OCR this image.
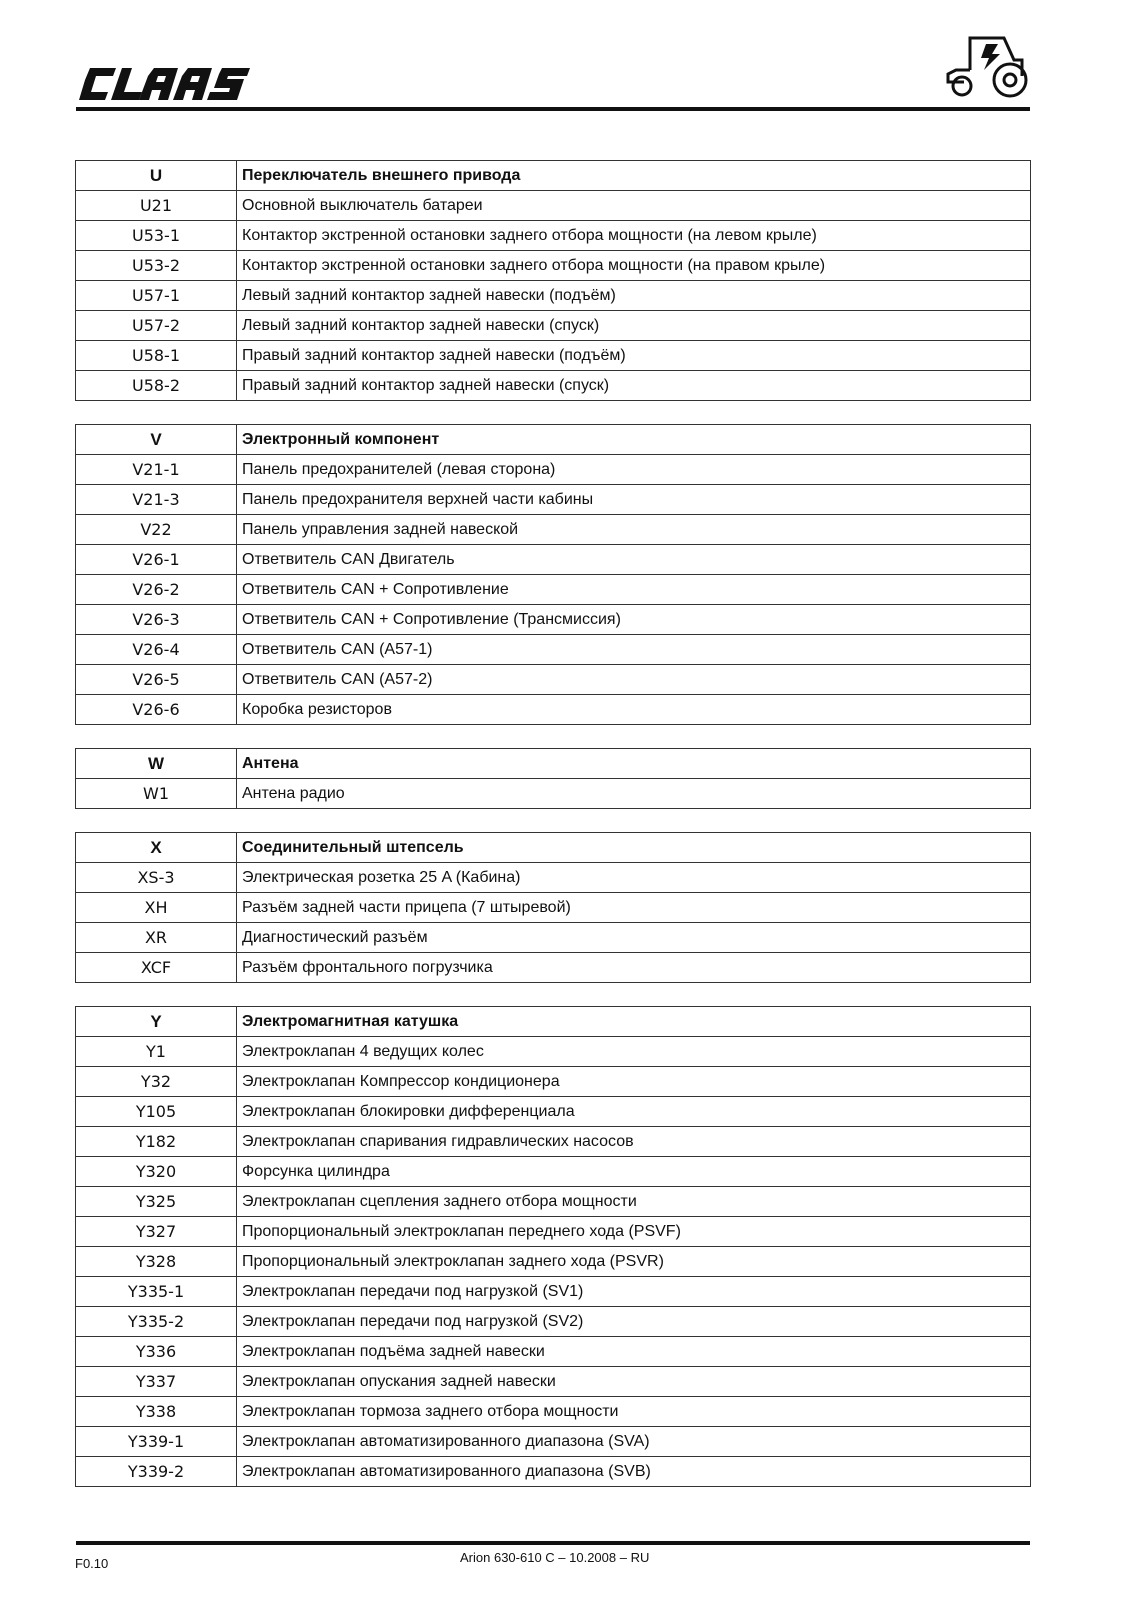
U	Переключатель внешнего привода
U21	Основной выключатель батареи
U53-1	Контактор экстренной остановки заднего отбора мощности (на левом крыле)
U53-2	Контактор экстренной остановки заднего отбора мощности (на правом крыле)
U57-1	Левый задний контактор задней навески (подъём)
U57-2	Левый задний контактор задней навески (спуск)
U58-1	Правый задний контактор задней навески (подъём)
U58-2	Правый задний контактор задней навески (спуск)
V	Электронный компонент
V21-1	Панель предохранителей (левая сторона)
V21-3	Панель предохранителя верхней части кабины
V22	Панель управления задней навеской
V26-1	Ответвитель CAN Двигатель
V26-2	Ответвитель CAN + Сопротивление
V26-3	Ответвитель CAN + Сопротивление (Трансмиссия)
V26-4	Ответвитель CAN (A57-1)
V26-5	Ответвитель CAN (A57-2)
V26-6	Коробка резисторов
W	Антена
W1	Антена радио
X	Соединительный штепсель
XS-3	Электрическая розетка 25 A (Кабина)
XH	Разъём задней части прицепа (7 штыревой)
XR	Диагностический разъём
XCF	Разъём фронтального погрузчика
Y	Электромагнитная катушка
Y1	Электроклапан 4 ведущих колес
Y32	Электроклапан Компрессор кондиционера
Y105	Электроклапан блокировки дифференциала
Y182	Электроклапан спаривания гидравлических насосов
Y320	Форсунка цилиндра
Y325	Электроклапан сцепления заднего отбора мощности
Y327	Пропорциональный электроклапан переднего хода (PSVF)
Y328	Пропорциональный электроклапан заднего хода (PSVR)
Y335-1	Электроклапан передачи под нагрузкой (SV1)
Y335-2	Электроклапан передачи под нагрузкой (SV2)
Y336	Электроклапан подъёма задней навески
Y337	Электроклапан опускания задней навески
Y338	Электроклапан тормоза заднего отбора мощности
Y339-1	Электроклапан автоматизированного диапазона (SVA)
Y339-2	Электроклапан автоматизированного диапазона (SVB)
F0.10	Arion 630-610 C – 10.2008 – RU
